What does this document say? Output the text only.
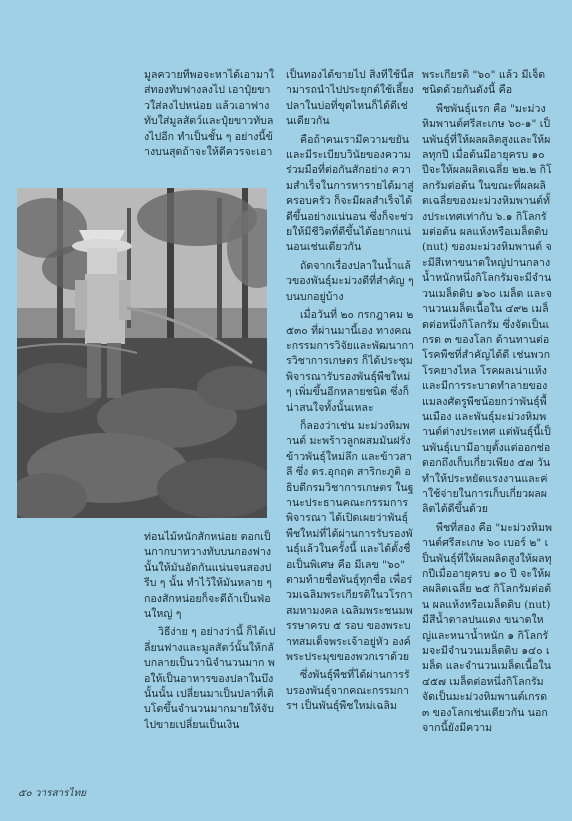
มูลควายที่พอจะหาได้เอามาใส่ทองทับฟางลงไป เอาปุ๋ยขาวใส่ลงไปหน่อย แล้วเอาฟางทับใส่มูลสัตว์และปุ๋ยขาวทับลงไปอีก ทำเป็นชั้น ๆ อย่างนี้ข้างบนสุดถ้าจะให้ดีควรจะเอา

ท่อนไม้หนักสักหน่อย ตอกเป็นกากบาทวางทับบนกองฟางนั้นให้มันอัดกันแน่นจนสองปรีบ ๆ นั้น ทำไว้ให้มันหลาย ๆ กองสักหน่อยก็จะดีถ้าเป็นฟ่อนใหญ่ ๆ

วิธีง่าย ๆ อย่างว่านี้ ก็ได้เปลี่ยนฟางและมูลสัตว์นั้นให้กลับกลายเป็นวานิจำนวนมาก พอให้เป็นอาหารของปลาในบึงนั้นนั้น เปลี่ยนมาเป็นปลาที่เติบโตขึ้นจำนวนมากมายให้จับไปขายเปลี่ยนเป็นเงิน

เป็นทองได้ขายไป สิ่งที่ใช้นี้สามารถนำไปประยุกต์ใช้เลี้ยงปลาในบ่อที่ขุดไหนก็ได้ดีเช่นเดียวกัน

คือถ้าคนเรามีความขยันและมีระเบียบวินัยของความร่วมมือที่ต่อกันสักอย่าง ความสำเร็จในการหารายได้มาสู่ครอบครัว ก็จะมีผลสำเร็จได้ดีขึ้นอย่างแน่นอน ซึ่งก็จะช่วยให้มีชีวิตที่ดีขึ้นได้อยากแน่นอนเช่นเดียวกัน

ถัดจากเรื่องปลาในน้ำแล้วของพันธุ์มะม่วงดีที่สำคัญ ๆ บนบกอยู่บ้าง

เมื่อวันที่ ๒๐ กรกฎาคม ๒๕๓๐ ที่ผ่านมานี้เอง ทางคณะกรรมการวิจัยและพัฒนาการวิชาการเกษตร ก็ได้ประชุมพิจารณารับรองพันธุ์พืชใหม่ ๆ เพิ่มขึ้นอีกหลายชนิด ซึ่งก็น่าสนใจทั้งนั้นเหละ

ก็ลองว่าเช่น มะม่วงหิมพานต์ มะพร้าวลูกผสมมันฝรั่ง ข้าวพันธุ์ใหม่ลึก และข้าวสาลี ซึ่ง ดร.อุกฤต สาริกะภูติ อธิบดีกรมวิชาการเกษตร ในฐานะประธานคณะกรรมการพิจารณา ได้เปิดเผยว่าพันธุ์พืชใหม่ที่ได้ผ่านการรับรองพันธุ์แล้วในครั้งนี้ และได้ตั้งชื่อเป็นพิเศษ คือ มีเลข "๖๐" ตามท้ายชื่อพันธุ์ทุกชื่อ เพื่อร่วมเฉลิมพระเกียรติในวโรกาสมหามงคล เฉลิมพระชนมพรรษาครบ ๕ รอบ ของพระบาทสมเด็จพระเจ้าอยู่หัว องค์พระประมุขของพวกเราด้วย

ซึ่งพันธุ์พืชที่ได้ผ่านการรับรองพันธุ์จากคณะกรรมการฯ เป็นพันธุ์พืชใหม่เฉลิม

พระเกียรติ "๖๐" แล้ว มีเจ็ดชนิดด้วยกันดังนี้ คือ

พืชพันธุ์แรก คือ "มะม่วงหิมพานต์ศรีสะเกษ ๖๐-๑" เป็นพันธุ์ที่ให้ผลผลิตสูงและให้ผลทุกปี เมื่อต้นมีอายุครบ ๑๐ ปีจะให้ผลผลิตเฉลี่ย ๒๒.๒ กิโลกรัมต่อต้น ในขณะที่ผลผลิตเฉลี่ยของมะม่วงหิมพานต์ทั้งประเทศเท่ากับ ๖.๑ กิโลกรัมต่อต้น ผลแห้งหรือเมล็ดดิบ (nut) ของมะม่วงหิมพานต์ จะมีสีเทาขนาดใหญ่ปานกลาง น้ำหนักหนึ่งกิโลกรัมจะมีจำนวนเมล็ดดิบ ๑๖๐ เมล็ด และจำนวนเมล็ดเนื้อใน ๔๙๒ เมล็ดต่อหนึ่งกิโลกรัม ซึ่งจัดเป็นเกรด ๓ ของโลก ด้านทานต่อโรคพืชที่สำคัญได้ดี เช่นพวกโรคยางไหล โรคผลเน่าแห้ง และมีการระบาดทำลายของแมลงศัตรูพืชน้อยกว่าพันธุ์พื้นเมือง และพันธุ์มะม่วงหิมพานต์ต่างประเทศ แต่พันธุ์นี้เป็นพันธุ์เบามีอายุตั้งแต่ออกช่อดอกถึงเก็บเกี่ยวเพียง ๕๗ วัน ทำให้ประหยัดแรงงานและค่าใช้จ่ายในการเก็บเกี่ยวผลผลิตได้ดีขึ้นด้วย

พืชที่สอง คือ "มะม่วงหิมพานต์ศรีสะเกษ ๖๐ เบอร์ ๒" เป็นพันธุ์ที่ให้ผลผลิตสูงให้ผลทุกปีเมื่ออายุครบ ๑๐ ปี จะให้ผลผลิตเฉลี่ย ๒๕ กิโลกรัมต่อต้น ผลแห้งหรือเมล็ดดิบ (nut) มีสีน้ำตาลปนแดง ขนาดใหญ่และหนาน้ำหนัก ๑ กิโลกรัมจะมีจำนวนเมล็ดดิบ ๑๔๐ เมล็ด และจำนวนเมล็ดเนื้อใน ๔๕๗ เมล็ดต่อหนึ่งกิโลกรัม จัดเป็นมะม่วงหิมพานต์เกรด ๓ ของโลกเช่นเดียวกัน นอกจากนี้ยังมีความ

๕๐ วารสารไทย
